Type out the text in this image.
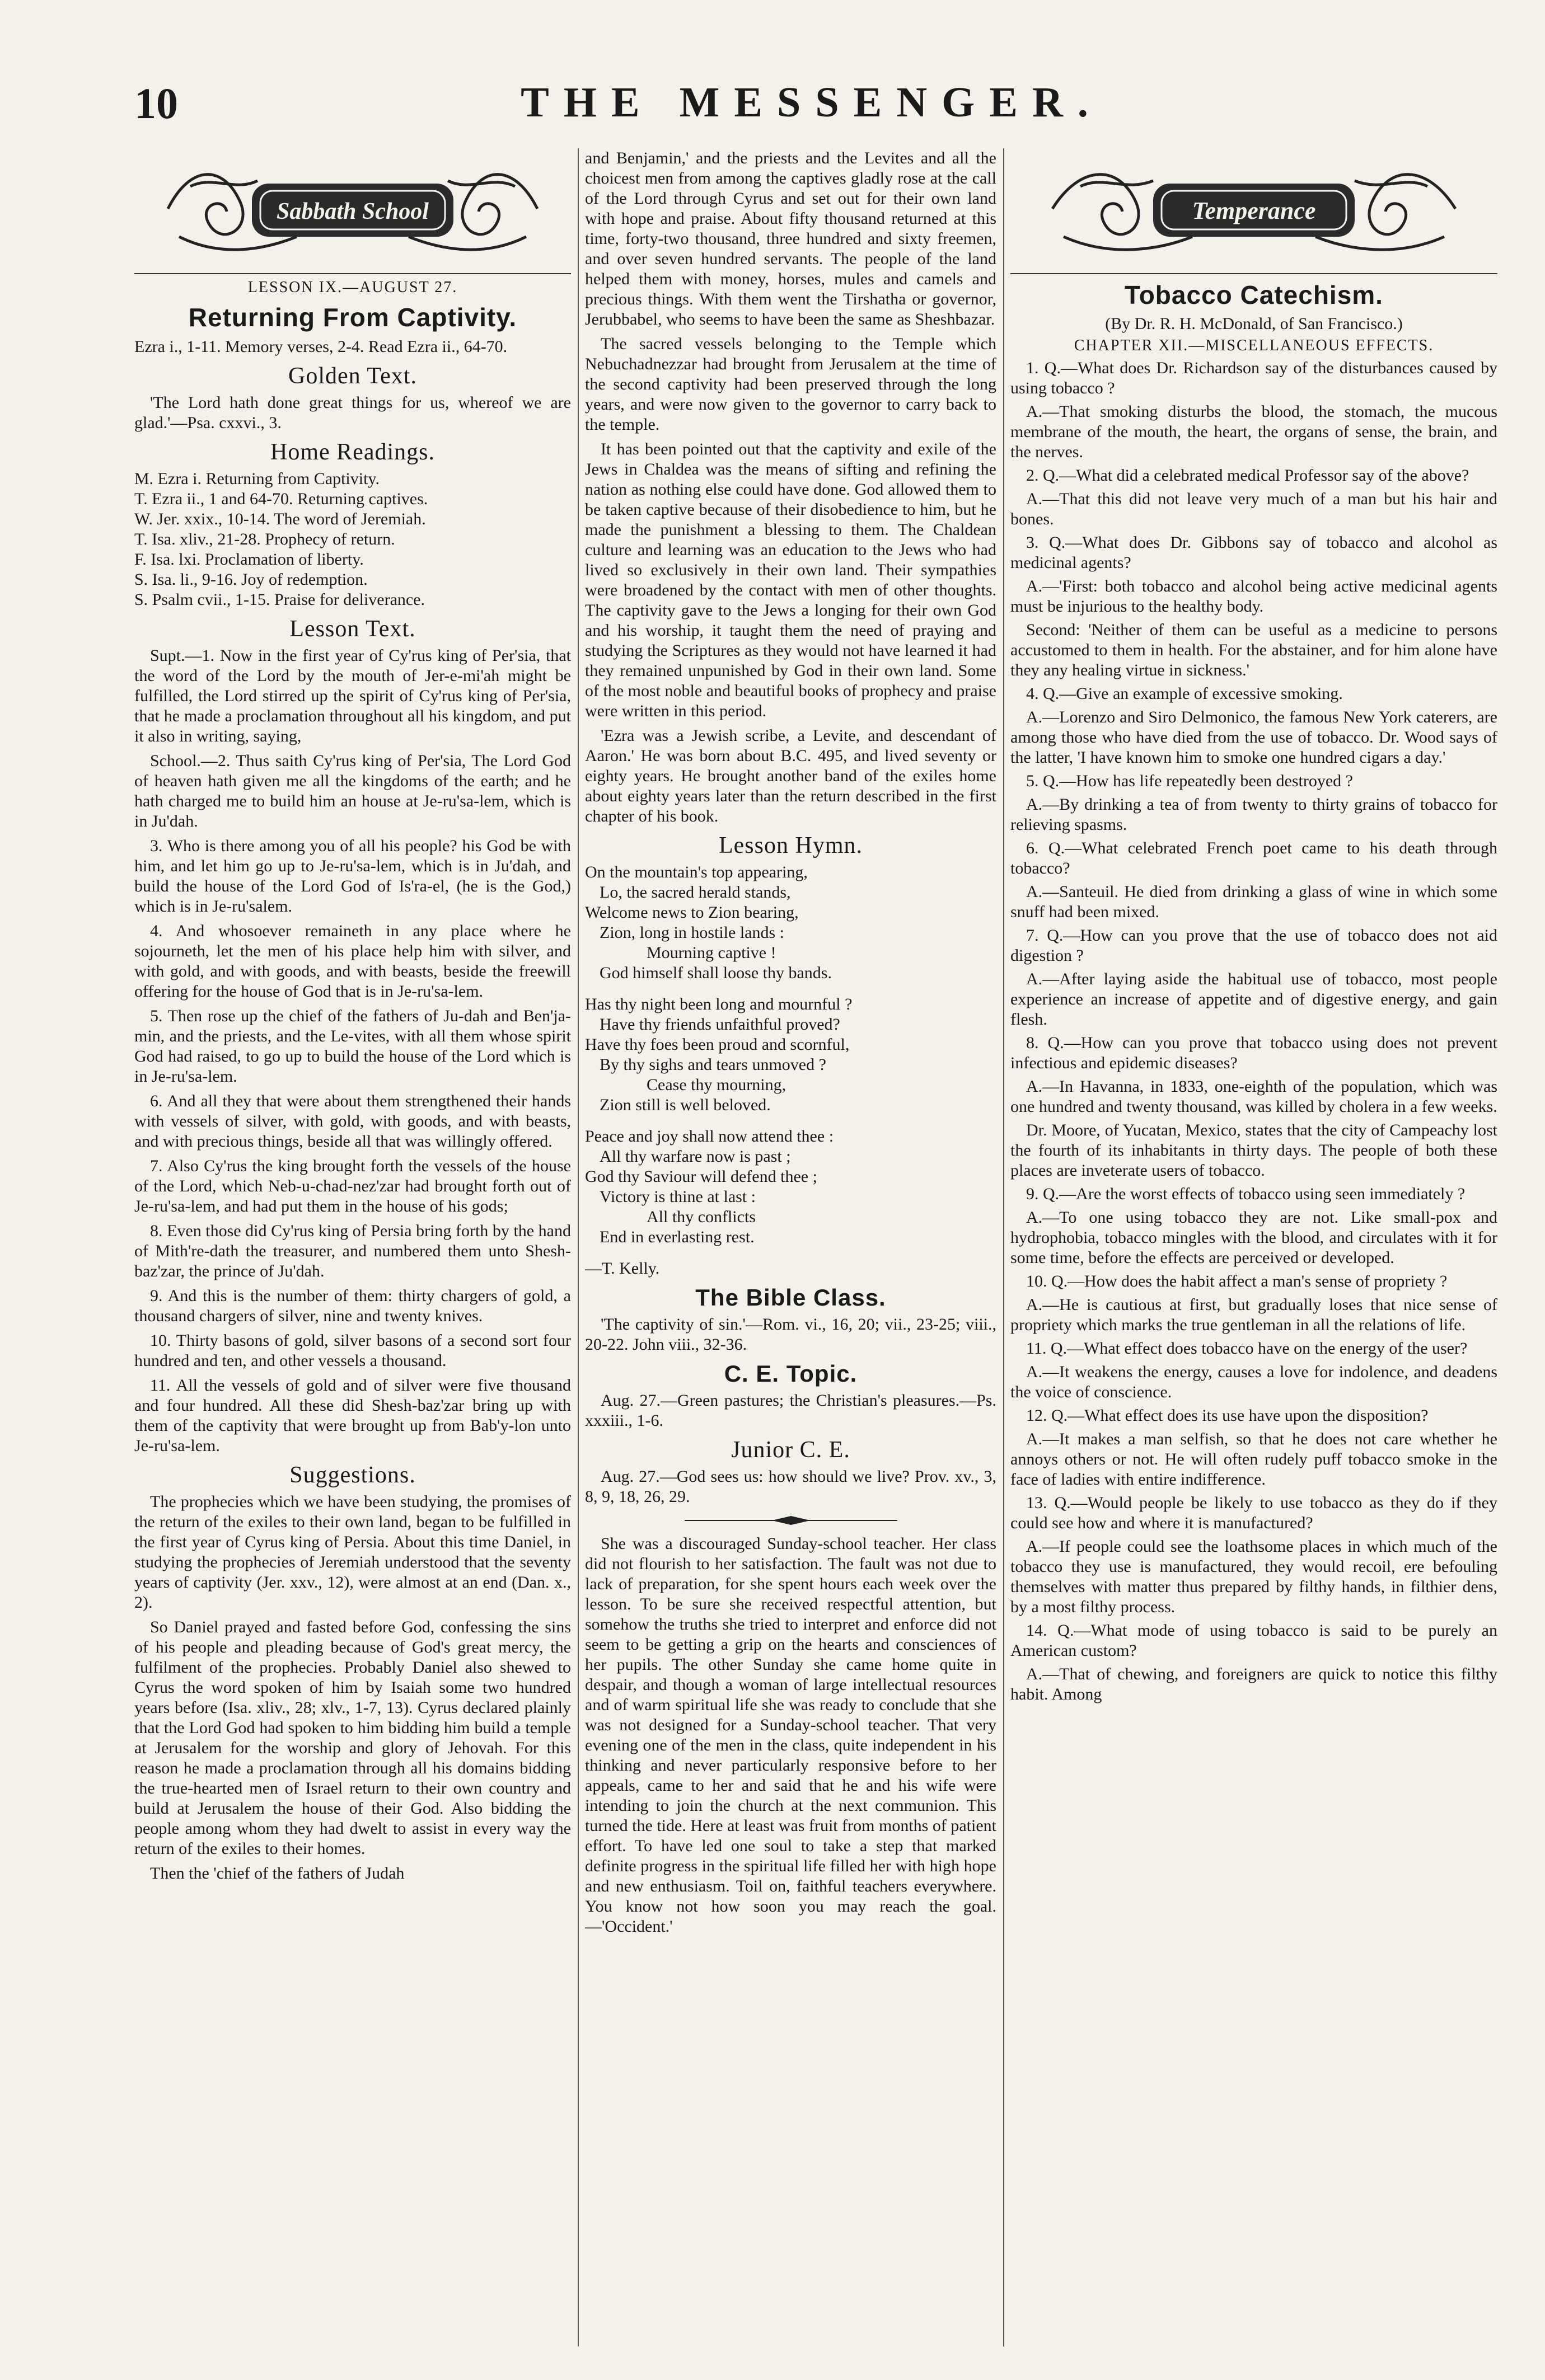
10	THE MESSENGER.
Sabbath School
LESSON IX.—AUGUST 27.
Returning From Captivity.

Ezra i., 1-11. Memory verses, 2-4. Read Ezra ii., 64-70.

Golden Text.

'The Lord hath done great things for us, whereof we are glad.'—Psa. cxxvi., 3.

Home Readings.

M. Ezra i. Returning from Captivity.

T. Ezra ii., 1 and 64-70. Returning captives.

W. Jer. xxix., 10-14. The word of Jeremiah.

T. Isa. xliv., 21-28. Prophecy of return.

F. Isa. lxi. Proclamation of liberty.

S. Isa. li., 9-16. Joy of redemption.

S. Psalm cvii., 1-15. Praise for deliverance.

Lesson Text.

Supt.—1. Now in the first year of Cy'rus king of Per'sia, that the word of the Lord by the mouth of Jer-e-mi'ah might be fulfilled, the Lord stirred up the spirit of Cy'rus king of Per'sia, that he made a proclamation throughout all his kingdom, and put it also in writing, saying,

School.—2. Thus saith Cy'rus king of Per'sia, The Lord God of heaven hath given me all the kingdoms of the earth; and he hath charged me to build him an house at Je-ru'sa-lem, which is in Ju'dah.

3. Who is there among you of all his people? his God be with him, and let him go up to Je-ru'sa-lem, which is in Ju'dah, and build the house of the Lord God of Is'ra-el, (he is the God,) which is in Je-ru'salem.

4. And whosoever remaineth in any place where he sojourneth, let the men of his place help him with silver, and with gold, and with goods, and with beasts, beside the freewill offering for the house of God that is in Je-ru'sa-lem.

5. Then rose up the chief of the fathers of Ju-dah and Ben'ja-min, and the priests, and the Le-vites, with all them whose spirit God had raised, to go up to build the house of the Lord which is in Je-ru'sa-lem.

6. And all they that were about them strengthened their hands with vessels of silver, with gold, with goods, and with beasts, and with precious things, beside all that was willingly offered.

7. Also Cy'rus the king brought forth the vessels of the house of the Lord, which Neb-u-chad-nez'zar had brought forth out of Je-ru'sa-lem, and had put them in the house of his gods;

8. Even those did Cy'rus king of Persia bring forth by the hand of Mith're-dath the treasurer, and numbered them unto Shesh-baz'zar, the prince of Ju'dah.

9. And this is the number of them: thirty chargers of gold, a thousand chargers of silver, nine and twenty knives.

10. Thirty basons of gold, silver basons of a second sort four hundred and ten, and other vessels a thousand.

11. All the vessels of gold and of silver were five thousand and four hundred. All these did Shesh-baz'zar bring up with them of the captivity that were brought up from Bab'y-lon unto Je-ru'sa-lem.

Suggestions.

The prophecies which we have been studying, the promises of the return of the exiles to their own land, began to be fulfilled in the first year of Cyrus king of Persia. About this time Daniel, in studying the prophecies of Jeremiah understood that the seventy years of captivity (Jer. xxv., 12), were almost at an end (Dan. x., 2).

So Daniel prayed and fasted before God, confessing the sins of his people and pleading because of God's great mercy, the fulfilment of the prophecies. Probably Daniel also shewed to Cyrus the word spoken of him by Isaiah some two hundred years before (Isa. xliv., 28; xlv., 1-7, 13). Cyrus declared plainly that the Lord God had spoken to him bidding him build a temple at Jerusalem for the worship and glory of Jehovah. For this reason he made a proclamation through all his domains bidding the true-hearted men of Israel return to their own country and build at Jerusalem the house of their God. Also bidding the people among whom they had dwelt to assist in every way the return of the exiles to their homes.

Then the 'chief of the fathers of Judah

and Benjamin,' and the priests and the Levites and all the choicest men from among the captives gladly rose at the call of the Lord through Cyrus and set out for their own land with hope and praise. About fifty thousand returned at this time, forty-two thousand, three hundred and sixty freemen, and over seven hundred servants. The people of the land helped them with money, horses, mules and camels and precious things. With them went the Tirshatha or governor, Jerubbabel, who seems to have been the same as Sheshbazar.

The sacred vessels belonging to the Temple which Nebuchadnezzar had brought from Jerusalem at the time of the second captivity had been preserved through the long years, and were now given to the governor to carry back to the temple.

It has been pointed out that the captivity and exile of the Jews in Chaldea was the means of sifting and refining the nation as nothing else could have done. God allowed them to be taken captive because of their disobedience to him, but he made the punishment a blessing to them. The Chaldean culture and learning was an education to the Jews who had lived so exclusively in their own land. Their sympathies were broadened by the contact with men of other thoughts. The captivity gave to the Jews a longing for their own God and his worship, it taught them the need of praying and studying the Scriptures as they would not have learned it had they remained unpunished by God in their own land. Some of the most noble and beautiful books of prophecy and praise were written in this period.

'Ezra was a Jewish scribe, a Levite, and descendant of Aaron.' He was born about B.C. 495, and lived seventy or eighty years. He brought another band of the exiles home about eighty years later than the return described in the first chapter of his book.

Lesson Hymn.

On the mountain's top appearing,

Lo, the sacred herald stands,

Welcome news to Zion bearing,

Zion, long in hostile lands :

Mourning captive !

God himself shall loose thy bands.

Has thy night been long and mournful ?

Have thy friends unfaithful proved?

Have thy foes been proud and scornful,

By thy sighs and tears unmoved ?

Cease thy mourning,

Zion still is well beloved.

Peace and joy shall now attend thee :

All thy warfare now is past ;

God thy Saviour will defend thee ;

Victory is thine at last :

All thy conflicts

End in everlasting rest.

—T. Kelly.

The Bible Class.

'The captivity of sin.'—Rom. vi., 16, 20; vii., 23-25; viii., 20-22. John viii., 32-36.

C. E. Topic.

Aug. 27.—Green pastures; the Christian's pleasures.—Ps. xxxiii., 1-6.

Junior C. E.

Aug. 27.—God sees us: how should we live? Prov. xv., 3, 8, 9, 18, 26, 29.

She was a discouraged Sunday-school teacher. Her class did not flourish to her satisfaction. The fault was not due to lack of preparation, for she spent hours each week over the lesson. To be sure she received respectful attention, but somehow the truths she tried to interpret and enforce did not seem to be getting a grip on the hearts and consciences of her pupils. The other Sunday she came home quite in despair, and though a woman of large intellectual resources and of warm spiritual life she was ready to conclude that she was not designed for a Sunday-school teacher. That very evening one of the men in the class, quite independent in his thinking and never particularly responsive before to her appeals, came to her and said that he and his wife were intending to join the church at the next communion. This turned the tide. Here at least was fruit from months of patient effort. To have led one soul to take a step that marked definite progress in the spiritual life filled her with high hope and new enthusiasm. Toil on, faithful teachers everywhere. You know not how soon you may reach the goal.—'Occident.'

Temperance
Tobacco Catechism.
(By Dr. R. H. McDonald, of San Francisco.)
CHAPTER XII.—MISCELLANEOUS EFFECTS.

1. Q.—What does Dr. Richardson say of the disturbances caused by using tobacco ?

A.—That smoking disturbs the blood, the stomach, the mucous membrane of the mouth, the heart, the organs of sense, the brain, and the nerves.

2. Q.—What did a celebrated medical Professor say of the above?

A.—That this did not leave very much of a man but his hair and bones.

3. Q.—What does Dr. Gibbons say of tobacco and alcohol as medicinal agents?

A.—'First: both tobacco and alcohol being active medicinal agents must be injurious to the healthy body.

Second: 'Neither of them can be useful as a medicine to persons accustomed to them in health. For the abstainer, and for him alone have they any healing virtue in sickness.'

4. Q.—Give an example of excessive smoking.

A.—Lorenzo and Siro Delmonico, the famous New York caterers, are among those who have died from the use of tobacco. Dr. Wood says of the latter, 'I have known him to smoke one hundred cigars a day.'

5. Q.—How has life repeatedly been destroyed ?

A.—By drinking a tea of from twenty to thirty grains of tobacco for relieving spasms.

6. Q.—What celebrated French poet came to his death through tobacco?

A.—Santeuil. He died from drinking a glass of wine in which some snuff had been mixed.

7. Q.—How can you prove that the use of tobacco does not aid digestion ?

A.—After laying aside the habitual use of tobacco, most people experience an increase of appetite and of digestive energy, and gain flesh.

8. Q.—How can you prove that tobacco using does not prevent infectious and epidemic diseases?

A.—In Havanna, in 1833, one-eighth of the population, which was one hundred and twenty thousand, was killed by cholera in a few weeks.

Dr. Moore, of Yucatan, Mexico, states that the city of Campeachy lost the fourth of its inhabitants in thirty days. The people of both these places are inveterate users of tobacco.

9. Q.—Are the worst effects of tobacco using seen immediately ?

A.—To one using tobacco they are not. Like small-pox and hydrophobia, tobacco mingles with the blood, and circulates with it for some time, before the effects are perceived or developed.

10. Q.—How does the habit affect a man's sense of propriety ?

A.—He is cautious at first, but gradually loses that nice sense of propriety which marks the true gentleman in all the relations of life.

11. Q.—What effect does tobacco have on the energy of the user?

A.—It weakens the energy, causes a love for indolence, and deadens the voice of conscience.

12. Q.—What effect does its use have upon the disposition?

A.—It makes a man selfish, so that he does not care whether he annoys others or not. He will often rudely puff tobacco smoke in the face of ladies with entire indifference.

13. Q.—Would people be likely to use tobacco as they do if they could see how and where it is manufactured?

A.—If people could see the loathsome places in which much of the tobacco they use is manufactured, they would recoil, ere befouling themselves with matter thus prepared by filthy hands, in filthier dens, by a most filthy process.

14. Q.—What mode of using tobacco is said to be purely an American custom?

A.—That of chewing, and foreigners are quick to notice this filthy habit. Among
